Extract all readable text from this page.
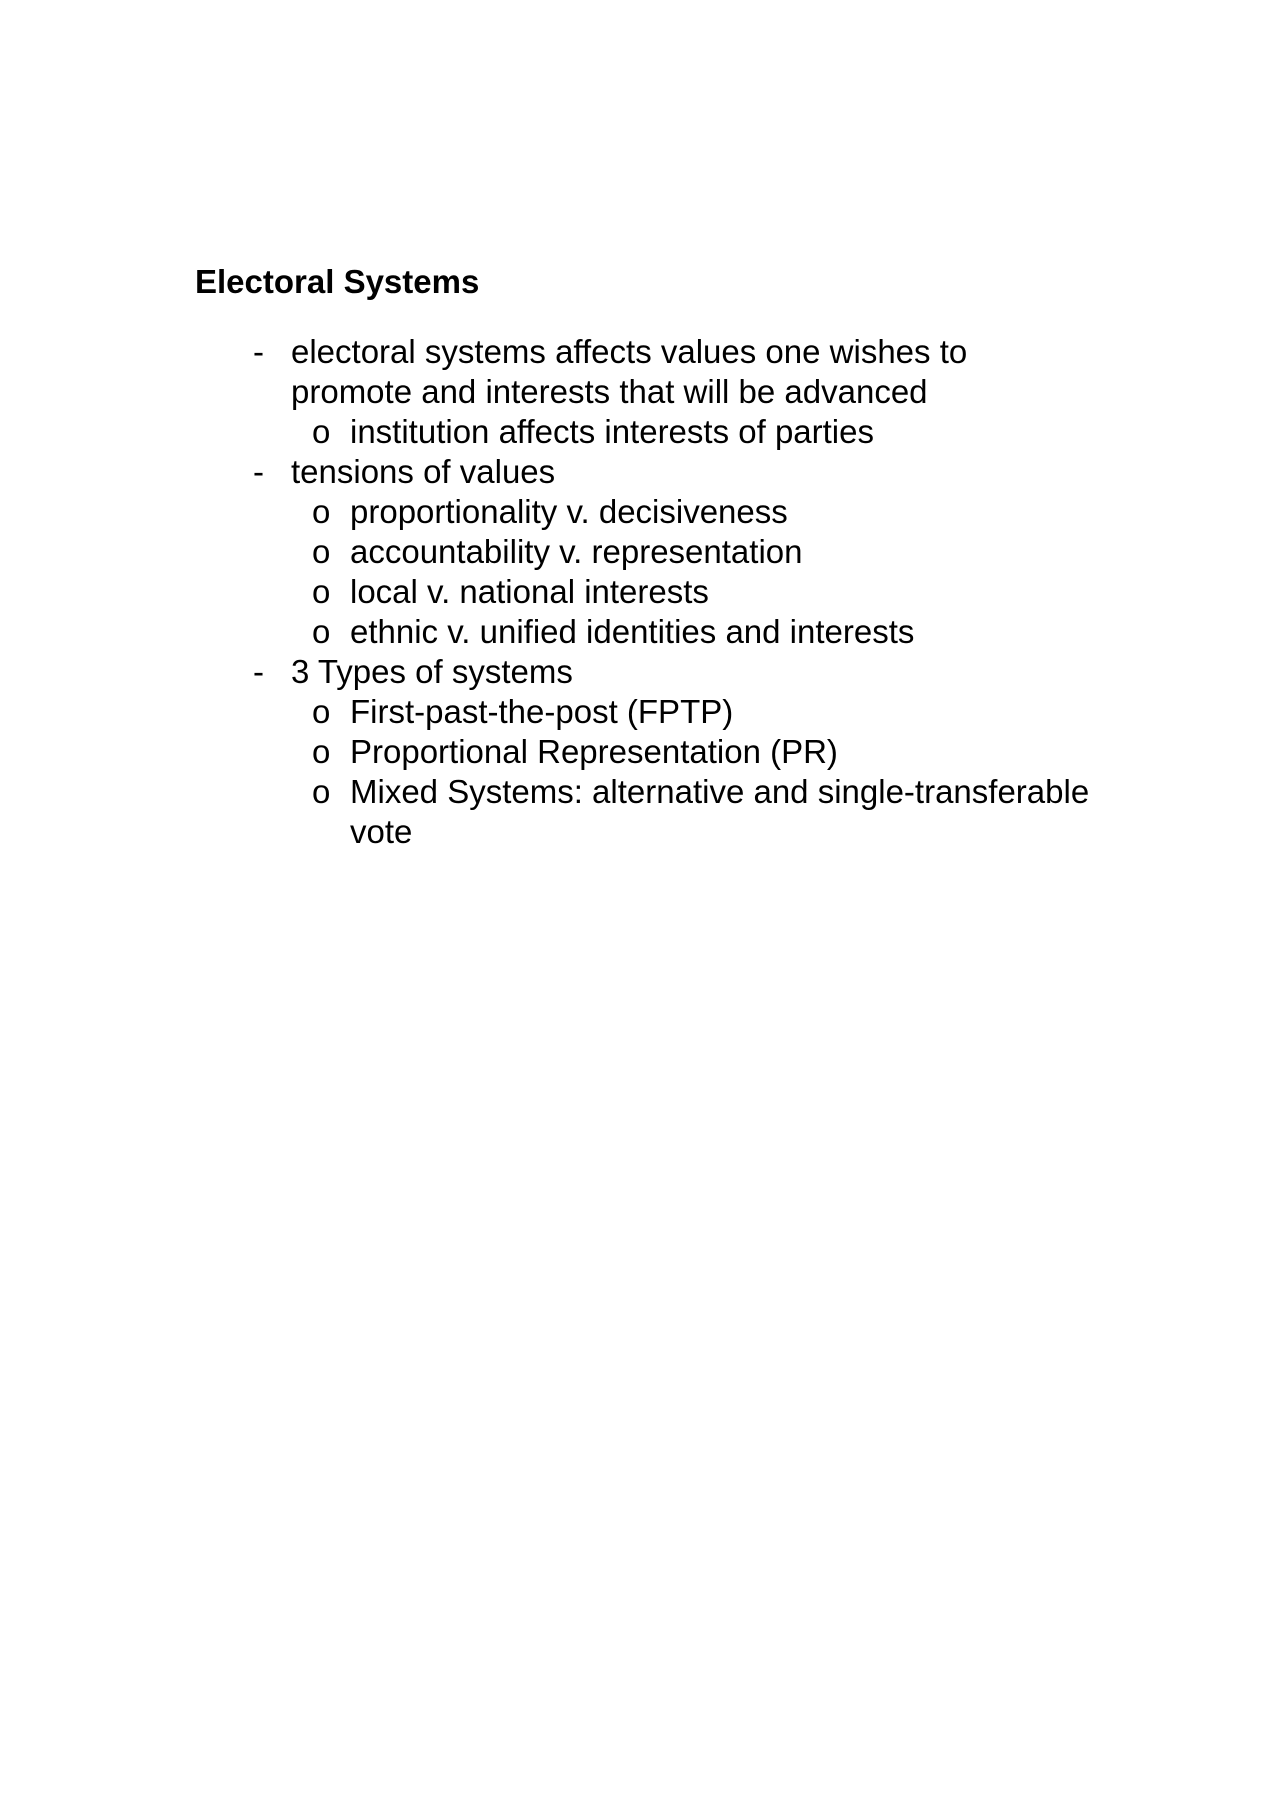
Electoral Systems
- electoral systems affects values one wishes to
promote and interests that will be advanced
o institution affects interests of parties
- tensions of values
o proportionality v. decisiveness
o accountability v. representation
o local v. national interests
o ethnic v. unified identities and interests
- 3 Types of systems
o First-past-the-post (FPTP)
o Proportional Representation (PR)
o Mixed Systems: alternative and single-transferable
vote
